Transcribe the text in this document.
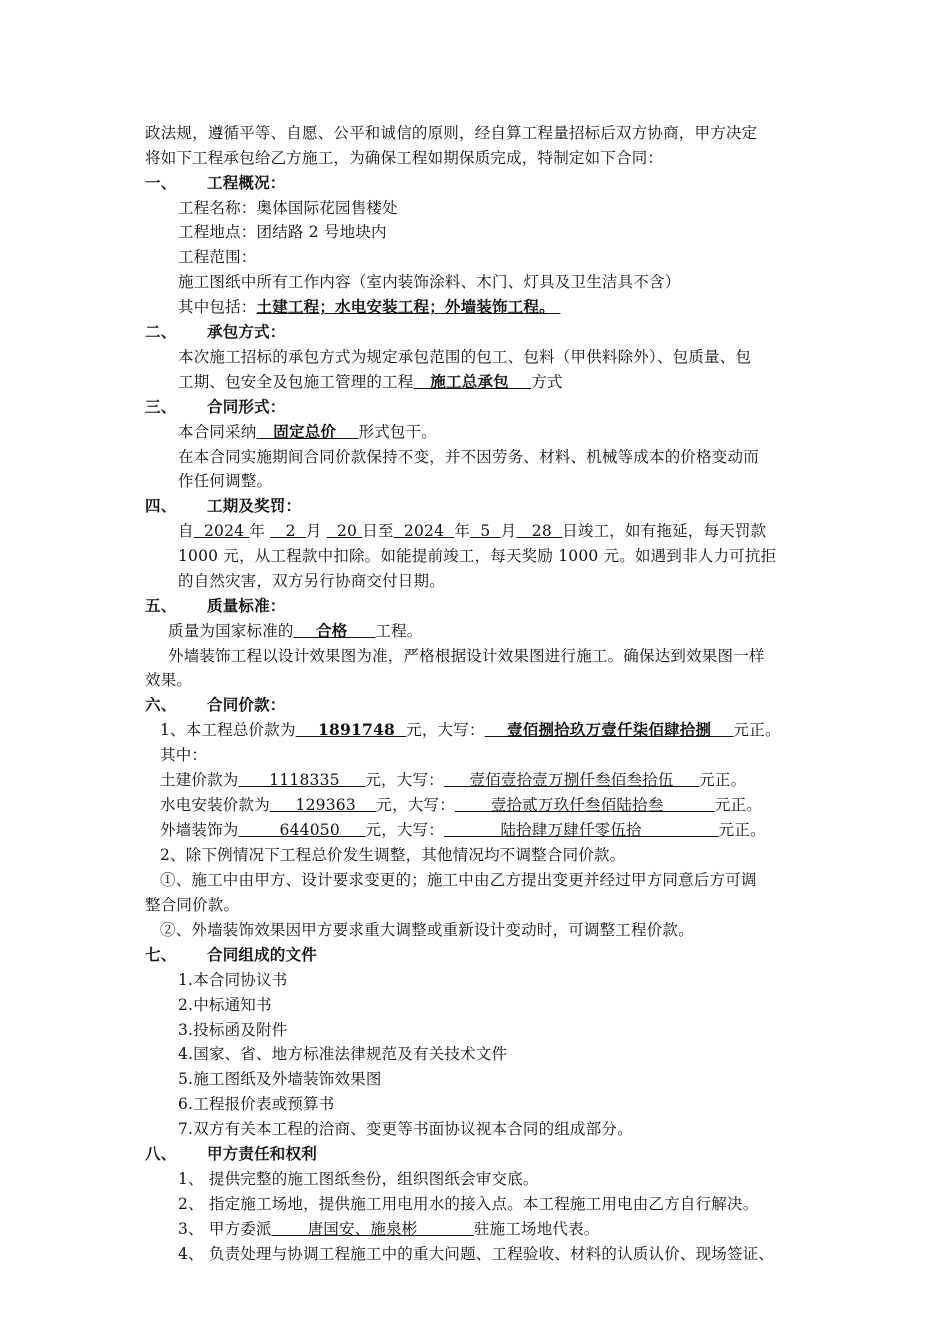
政法规，遵循平等、自愿、公平和诚信的原则，经自算工程量招标后双方协商，甲方决定
将如下工程承包给乙方施工，为确保工程如期保质完成，特制定如下合同：
一、 工程概况：
工程名称：奥体国际花园售楼处
工程地点：团结路 2 号地块内
工程范围：
施工图纸中所有工作内容（室内装饰涂料、木门、灯具及卫生洁具不含）
其中包括：土建工程；水电安装工程；外墙装饰工程。
二、 承包方式：
本次施工招标的承包方式为规定承包范围的包工、包料（甲供料除外）、包质量、包
工期、包安全及包施工管理的工程   施工总承包    方式
三、 合同形式：
本合同采纳   固定总价    形式包干。
在本合同实施期间合同价款保持不变，并不因劳务、材料、机械等成本的价格变动而
作任何调整。
四、 工期及奖罚：
自  2024 年    2  月   20 日至  2024  年  5  月   28  日竣工，如有拖延，每天罚款
1000 元，从工程款中扣除。如能提前竣工，每天奖励 1000 元。如遇到非人力可抗拒
的自然灾害，双方另行协商交付日期。
五、 质量标准：
质量为国家标准的    合格     工程。
外墙装饰工程以设计效果图为准，严格根据设计效果图进行施工。确保达到效果图一样
效果。
六、 合同价款：
1、本工程总价款为    1891748  元，大写：    壹佰捌拾玖万壹仟柒佰肆拾捌    元正。
其中：
土建价款为      1118335     元，大写：     壹佰壹拾壹万捌仟叁佰叁拾伍     元正。
水电安装价款为     129363    元，大写：       壹拾贰万玖仟叁佰陆拾叁          元正。
外墙装饰为        644050     元，大写：           陆拾肆万肆仟零伍拾               元正。
2、除下例情况下工程总价发生调整，其他情况均不调整合同价款。
①、施工中由甲方、设计要求变更的；施工中由乙方提出变更并经过甲方同意后方可调
整合同价款。
②、外墙装饰效果因甲方要求重大调整或重新设计变动时，可调整工程价款。
七、 合同组成的文件
1.本合同协议书
2.中标通知书
3.投标函及附件
4.国家、省、地方标准法律规范及有关技术文件
5.施工图纸及外墙装饰效果图
6.工程报价表或预算书
7.双方有关本工程的洽商、变更等书面协议视本合同的组成部分。
八、 甲方责任和权利
1、 提供完整的施工图纸叁份，组织图纸会审交底。
2、 指定施工场地，提供施工用电用水的接入点。本工程施工用电由乙方自行解决。
3、 甲方委派       唐国安、施泉彬           驻施工场地代表。
4、 负责处理与协调工程施工中的重大问题、工程验收、材料的认质认价、现场签证、
